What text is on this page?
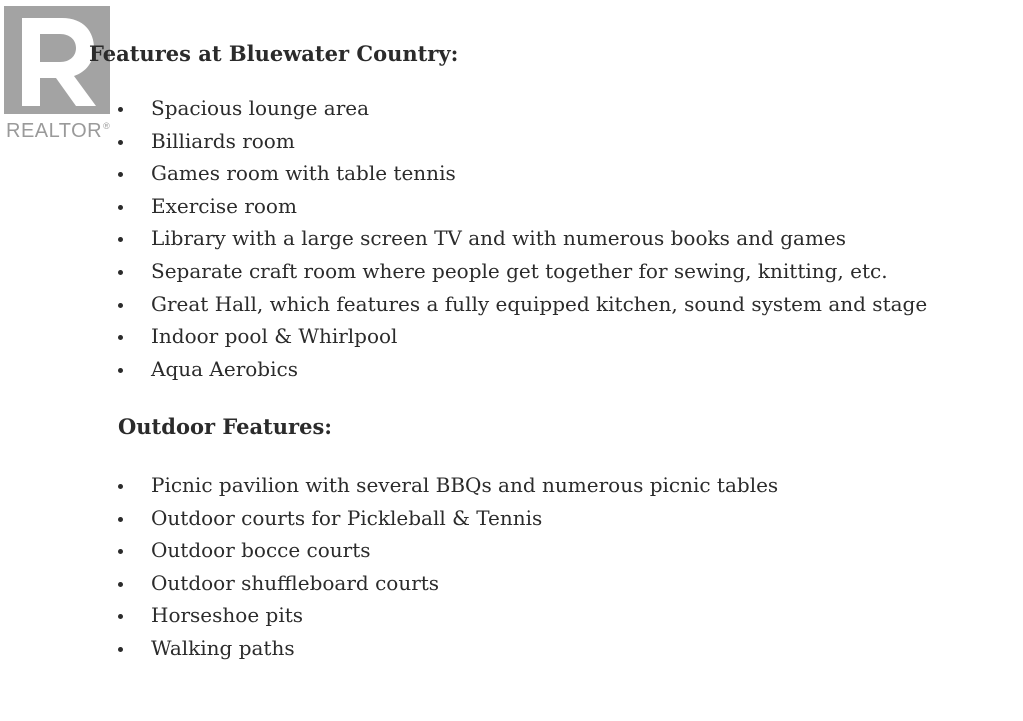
REALTOR®
Features at Bluewater Country:
Spacious lounge area
Billiards room
Games room with table tennis
Exercise room
Library with a large screen TV and with numerous books and games
Separate craft room where people get together for sewing, knitting, etc.
Great Hall, which features a fully equipped kitchen, sound system and stage
Indoor pool & Whirlpool
Aqua Aerobics
Outdoor Features:
Picnic pavilion with several BBQs and numerous picnic tables
Outdoor courts for Pickleball & Tennis
Outdoor bocce courts
Outdoor shuffleboard courts
Horseshoe pits
Walking paths
